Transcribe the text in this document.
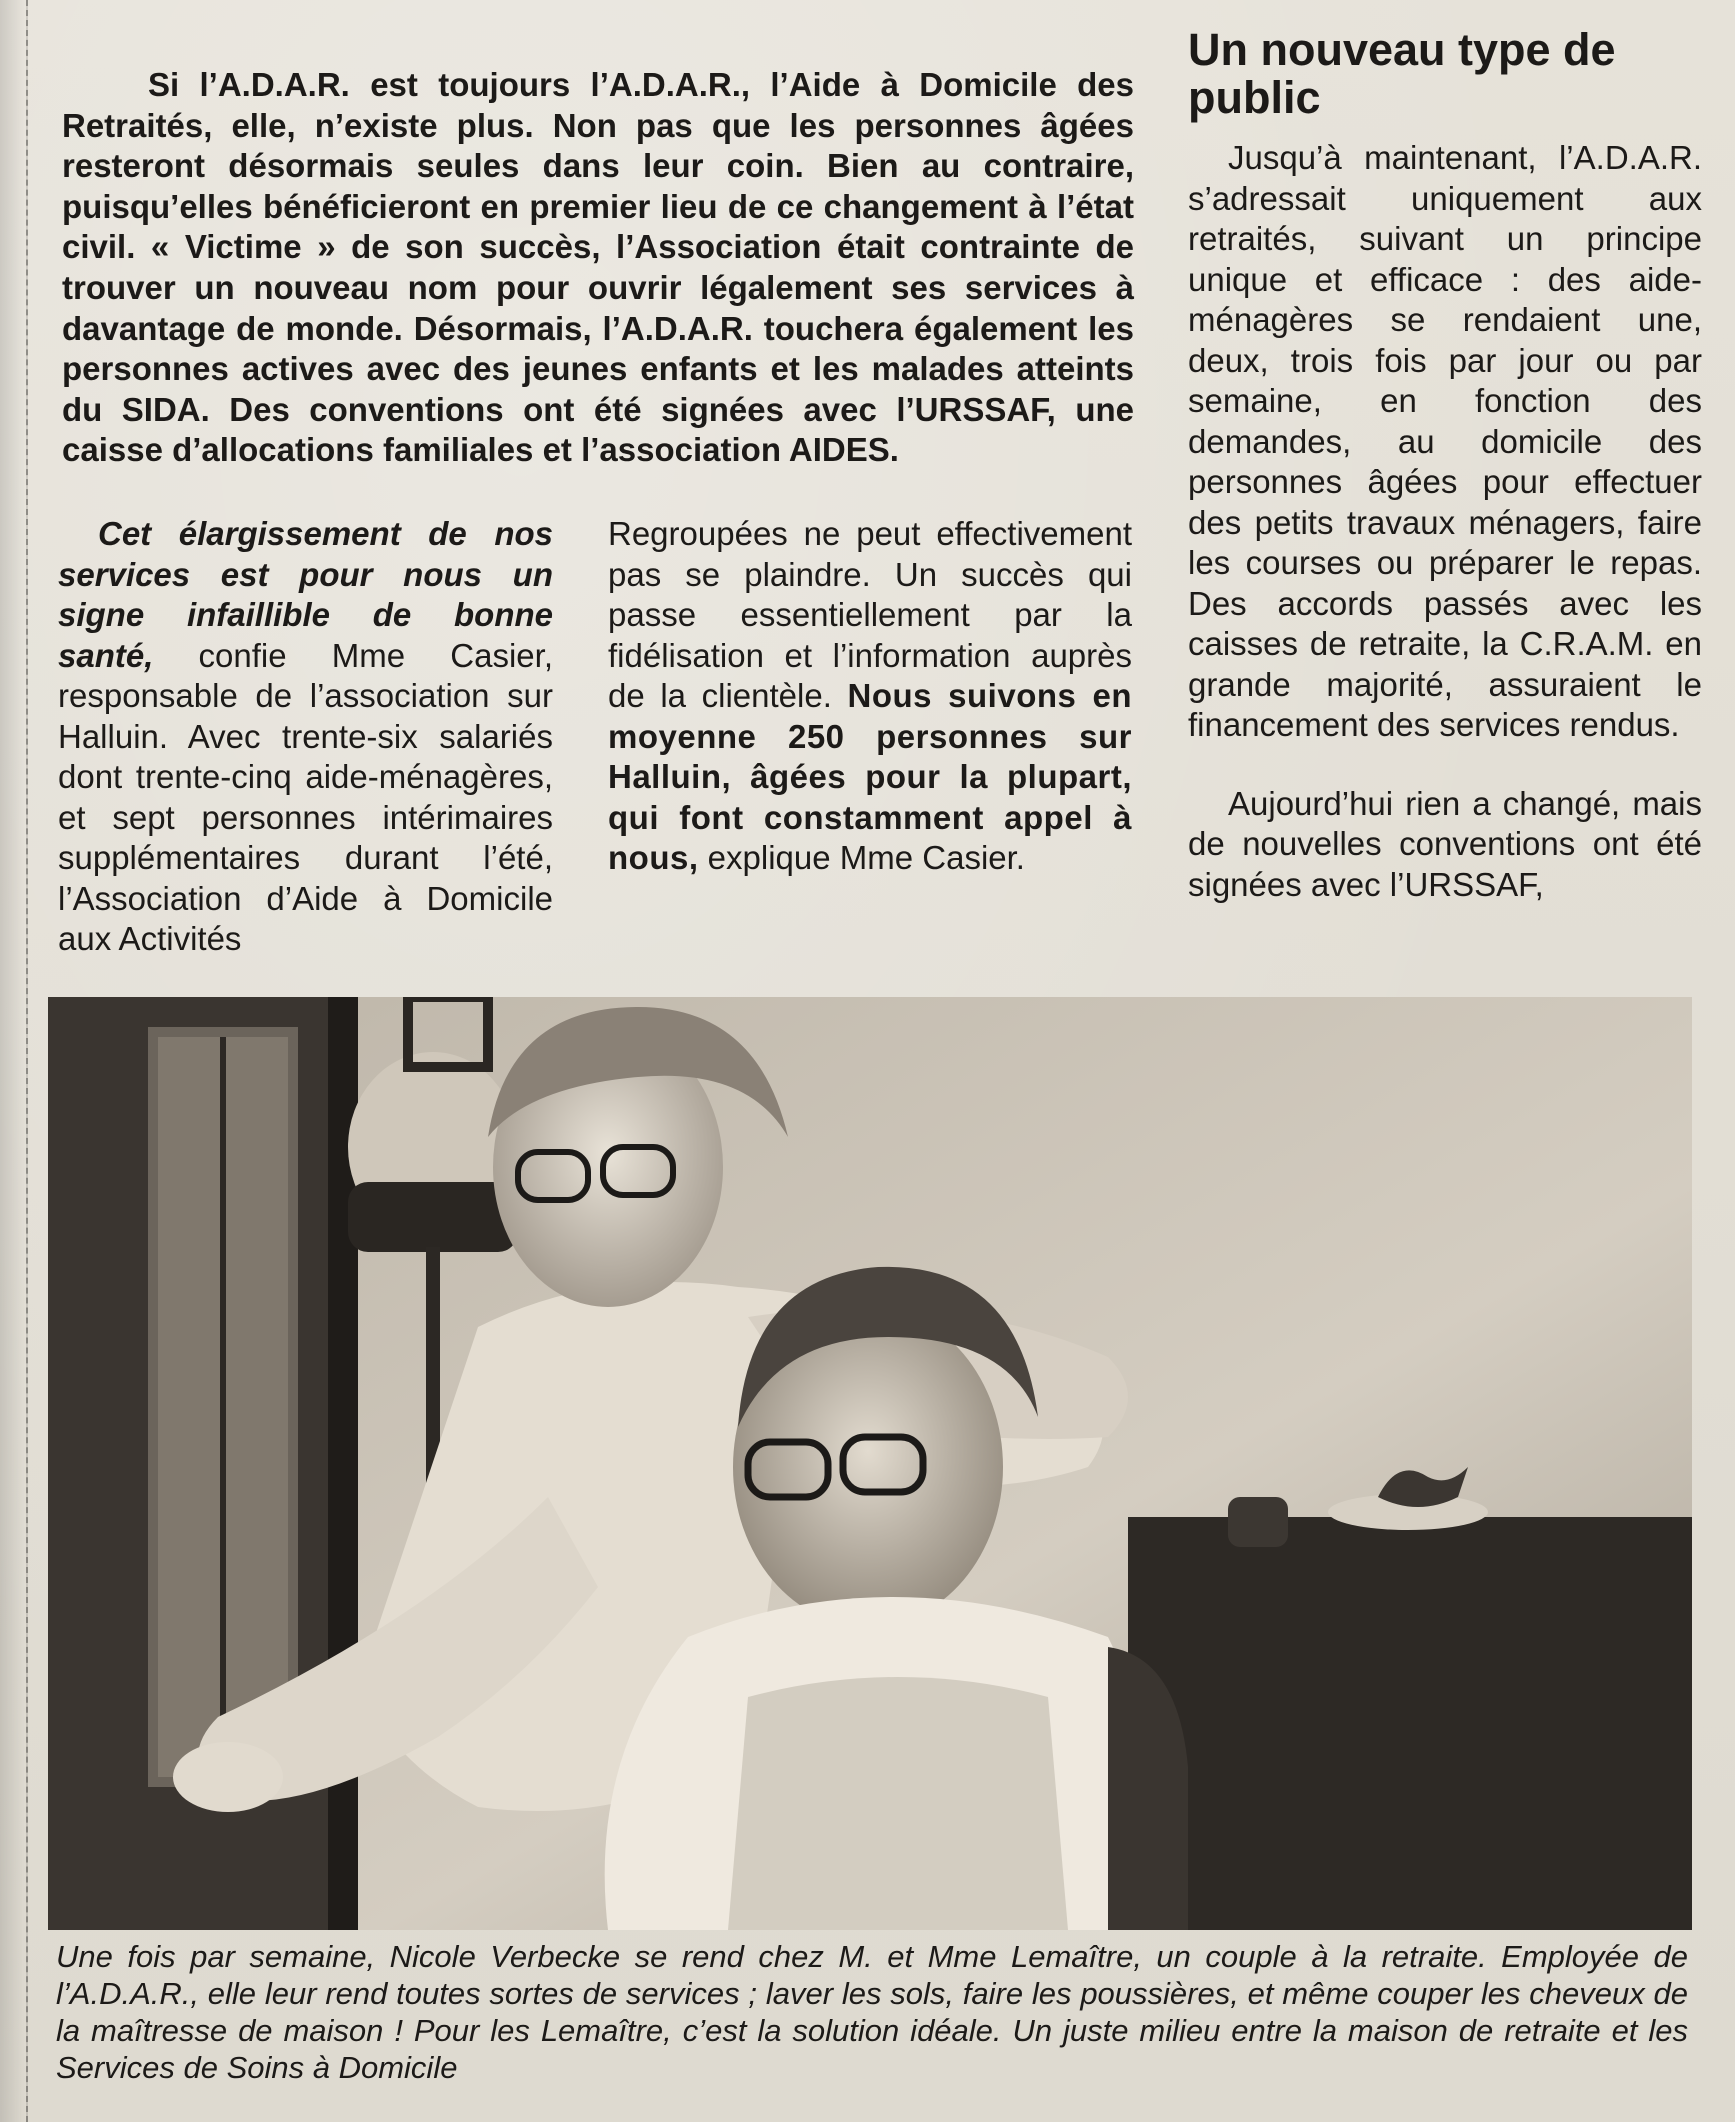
Si l’A.D.A.R. est toujours l’A.D.A.R., l’Aide à Domicile des Retraités, elle, n’existe plus. Non pas que les personnes âgées resteront désormais seules dans leur coin. Bien au contraire, puisqu’elles bénéficieront en premier lieu de ce changement à l’état civil. « Victime » de son succès, l’Association était contrainte de trouver un nouveau nom pour ouvrir légalement ses services à davantage de monde. Désormais, l’A.D.A.R. touchera également les personnes actives avec des jeunes enfants et les malades atteints du SIDA. Des conventions ont été signées avec l’URSSAF, une caisse d’allocations familiales et l’association AIDES.

Cet élargissement de nos services est pour nous un signe infaillible de bonne santé, confie Mme Casier, responsable de l’association sur Halluin. Avec trente-six salariés dont trente-cinq aide-ménagères, et sept personnes intérimaires supplémentaires durant l’été, l’Association d’Aide à Domicile aux Activités

Regroupées ne peut effectivement pas se plaindre. Un succès qui passe essentiellement par la fidélisation et l’information auprès de la clientèle. Nous suivons en moyenne 250 personnes sur Halluin, âgées pour la plupart, qui font constamment appel à nous, explique Mme Casier.

Un nouveau type de public

Jusqu’à maintenant, l’A.D.A.R. s’adressait uniquement aux retraités, suivant un principe unique et efficace : des aide-ménagères se rendaient une, deux, trois fois par jour ou par semaine, en fonction des demandes, au domicile des personnes âgées pour effectuer des petits travaux ménagers, faire les courses ou préparer le repas. Des accords passés avec les caisses de retraite, la C.R.A.M. en grande majorité, assuraient le financement des services rendus.

Aujourd’hui rien a changé, mais de nouvelles conventions ont été signées avec l’URSSAF,

Une fois par semaine, Nicole Verbecke se rend chez M. et Mme Lemaître, un couple à la retraite. Employée de l’A.D.A.R., elle leur rend toutes sortes de services ; laver les sols, faire les poussières, et même couper les cheveux de la maîtresse de maison ! Pour les Lemaître, c’est la solution idéale. Un juste milieu entre la maison de retraite et les Services de Soins à Domicile
